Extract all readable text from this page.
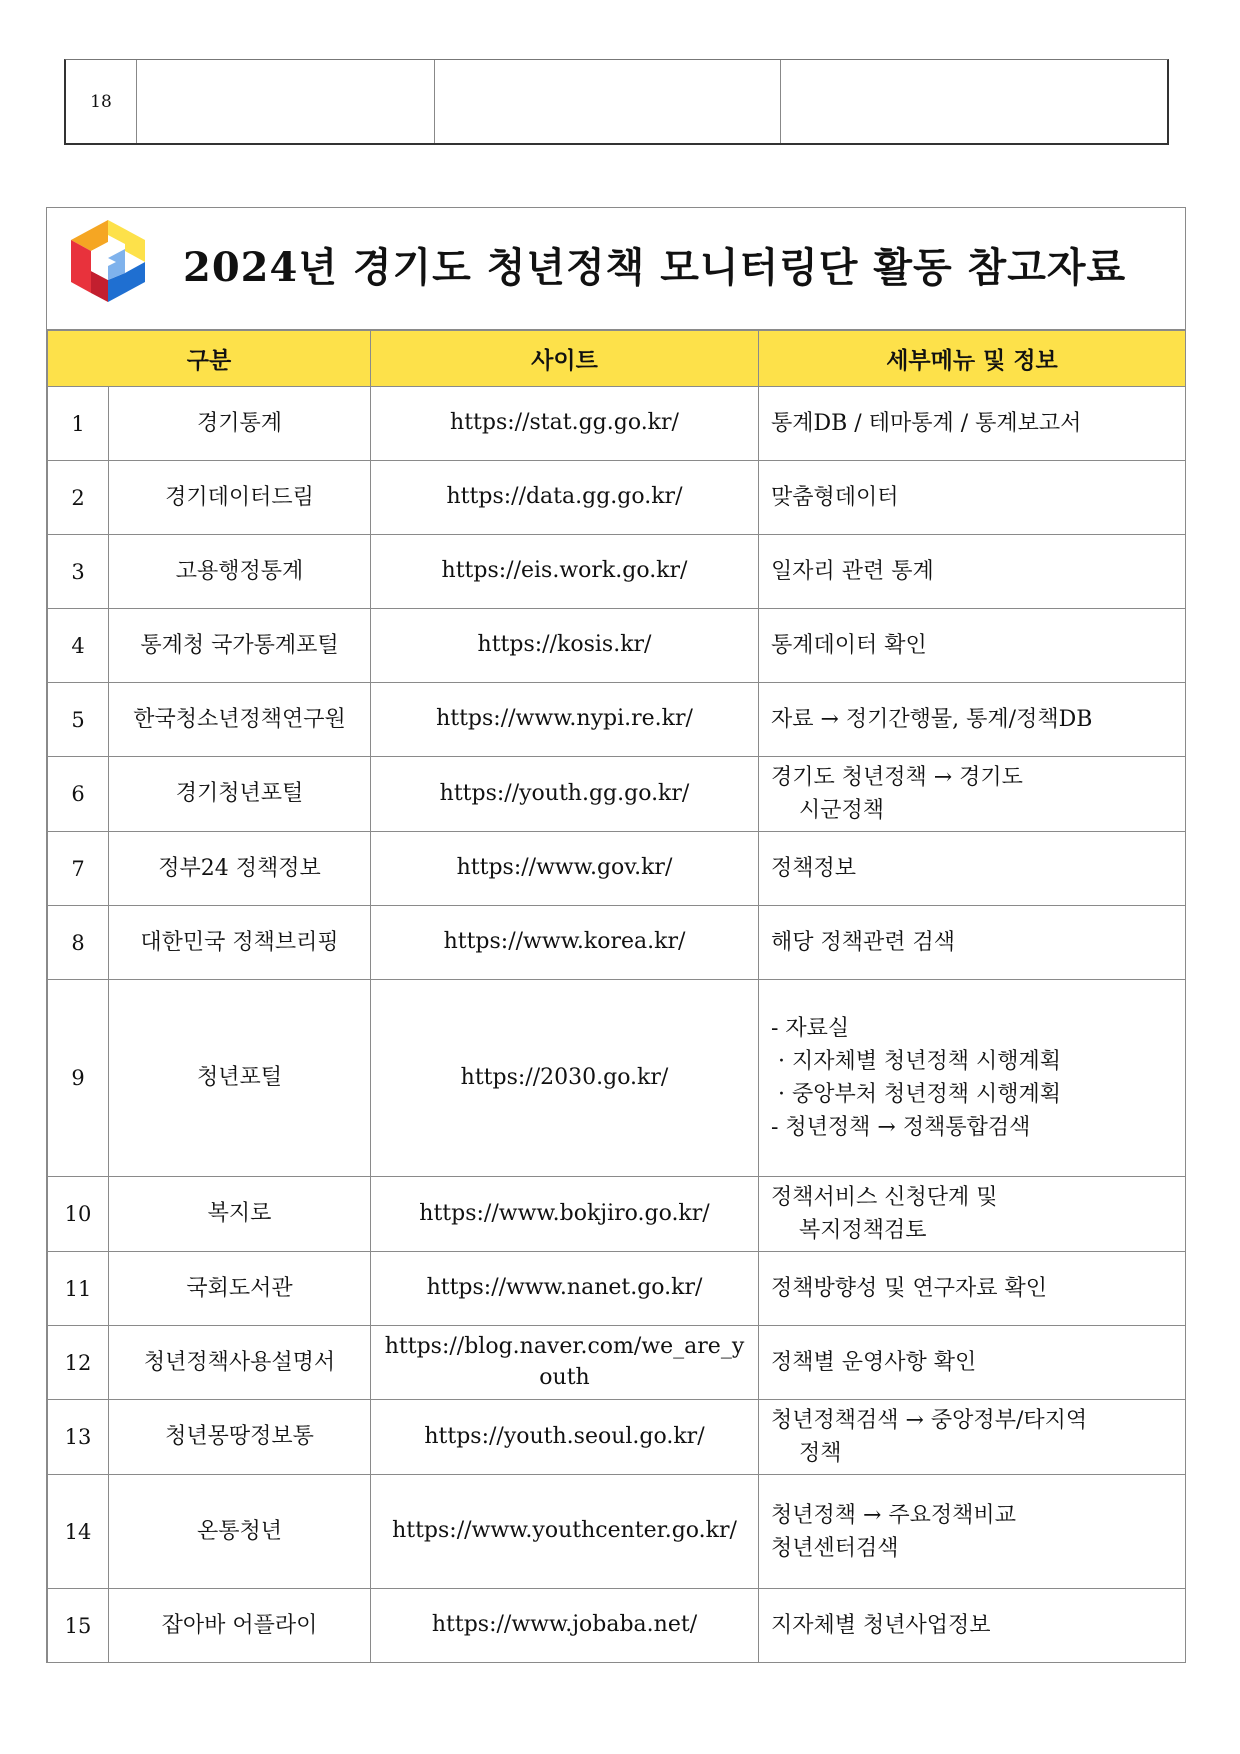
18
2024년 경기도 청년정책 모니터링단 활동 참고자료
구분		사이트	세부메뉴 및 정보
1	경기통계	https://stat.gg.go.kr/	통계DB / 테마통계 / 통계보고서

2	경기데이터드림	https://data.gg.go.kr/	맞춤형데이터

3	고용행정통계	https://eis.work.go.kr/	일자리 관련 통계

4	통계청 국가통계포털	https://kosis.kr/	통계데이터 확인

5	한국청소년정책연구원	https://www.nypi.re.kr/	자료 → 정기간행물, 통계/정책DB

6	경기청년포털	https://youth.gg.go.kr/	경기도 청년정책 → 경기도
시군정책

7	정부24 정책정보	https://www.gov.kr/	정책정보

8	대한민국 정책브리핑	https://www.korea.kr/	해당 정책관련 검색

9	청년포털	https://2030.go.kr/	- 자료실
· 지자체별 청년정책 시행계획
· 중앙부처 청년정책 시행계획
- 청년정책 → 정책통합검색

10	복지로	https://www.bokjiro.go.kr/	정책서비스 신청단계 및
복지정책검토

11	국회도서관	https://www.nanet.go.kr/	정책방향성 및 연구자료 확인

12	청년정책사용설명서	https://blog.naver.com/we_are_youth	정책별 운영사항 확인

13	청년몽땅정보통	https://youth.seoul.go.kr/	청년정책검색 → 중앙정부/타지역
정책

14	온통청년	https://www.youthcenter.go.kr/	청년정책 → 주요정책비교
청년센터검색

15	잡아바 어플라이	https://www.jobaba.net/	지자체별 청년사업정보
